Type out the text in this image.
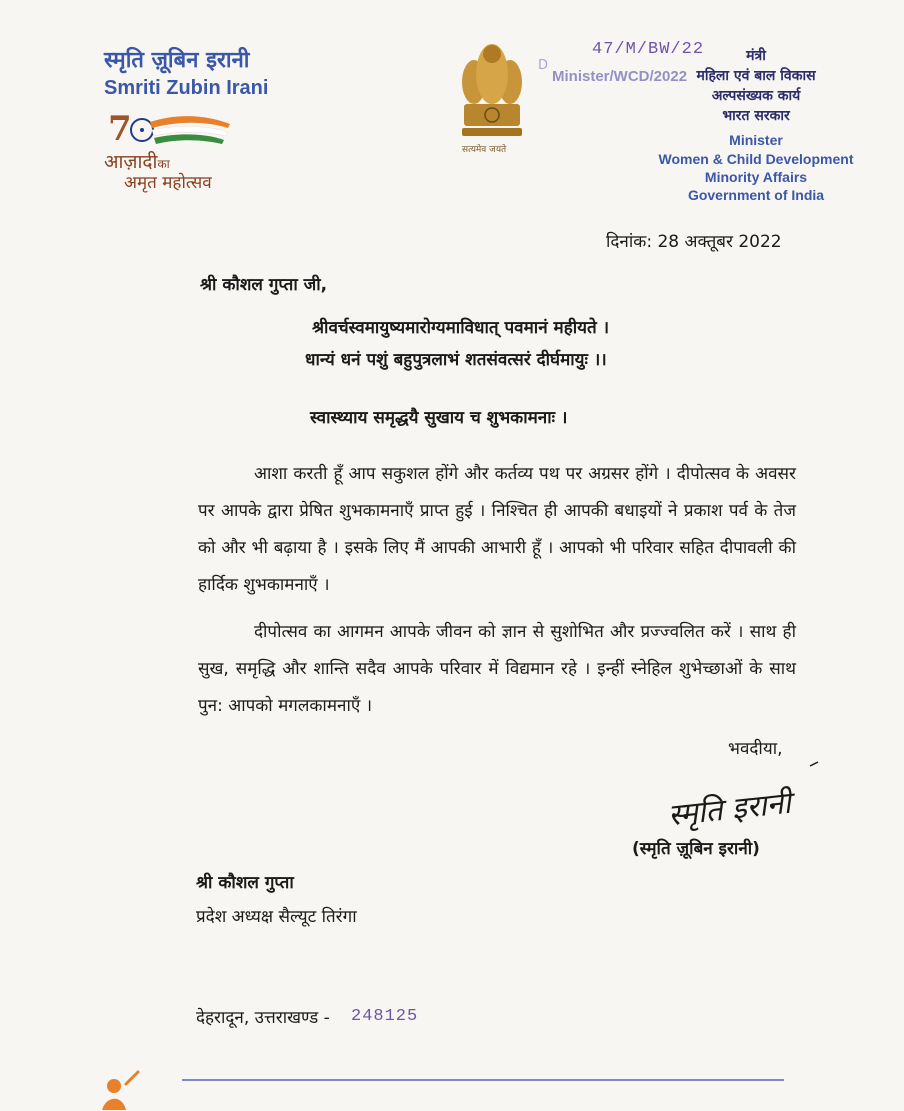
स्मृति ज़ूबिन इरानी
Smriti Zubin Irani
7
आज़ादीका
अमृत महोत्सव
सत्यमेव जयते
D
47/M/BW/22
Minister/WCD/2022
मंत्री
महिला एवं बाल विकास
अल्पसंख्यक कार्य
भारत सरकार
Minister
Women & Child Development
Minority Affairs
Government of India
दिनांक: 28 अक्तूबर 2022
श्री कौशल गुप्ता जी,
श्रीवर्चस्वमायुष्यमारोग्यमाविधात् पवमानं महीयते ।
धान्यं धनं पशुं बहुपुत्रलाभं शतसंवत्सरं दीर्घमायुः ।।
स्वास्थ्याय समृद्धयै सुखाय च शुभकामनाः ।
आशा करती हूँ आप सकुशल होंगे और कर्तव्य पथ पर अग्रसर होंगे । दीपोत्सव के अवसर पर आपके द्वारा प्रेषित शुभकामनाएँ प्राप्त हुई । निश्चित ही आपकी बधाइयों ने प्रकाश पर्व के तेज को और भी बढ़ाया है । इसके लिए मैं आपकी आभारी हूँ । आपको भी परिवार सहित दीपावली की हार्दिक शुभकामनाएँ ।
दीपोत्सव का आगमन आपके जीवन को ज्ञान से सुशोभित और प्रज्ज्वलित करें । साथ ही सुख, समृद्धि और शान्ति सदैव आपके परिवार में विद्यमान रहे । इन्हीं स्नेहिल शुभेच्छाओं के साथ पुन: आपको मगलकामनाएँ ।
भवदीया,
स्मृति इरानी
(स्मृति ज़ूबिन इरानी)
श्री कौशल गुप्ता
प्रदेश अध्यक्ष सैल्यूट तिरंगा
देहरादून, उत्तराखण्ड - 248125
